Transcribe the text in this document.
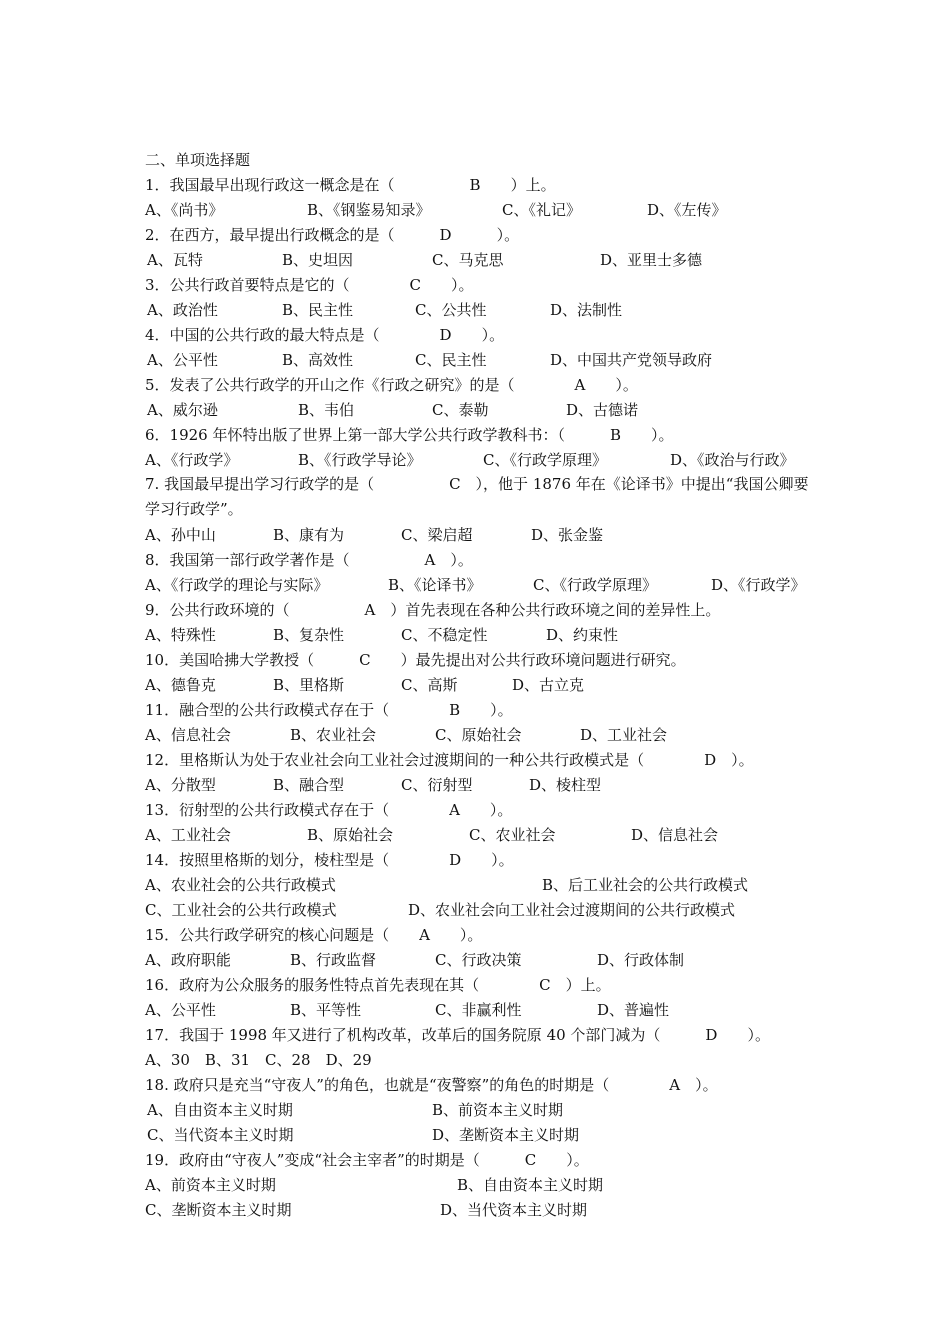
二、单项选择题
1．我国最早出现行政这一概念是在（　　　　　B　　）上。
A、《尚书》	B、《钢鉴易知录》	C、《礼记》	D、《左传》
2．在西方，最早提出行政概念的是（　　　D　　　）。
A、瓦特	B、史坦因	C、马克思	D、亚里士多德
3．公共行政首要特点是它的（　　　　C　　）。
A、政治性	B、民主性	C、公共性	D、法制性
4．中国的公共行政的最大特点是（　　　　D　　）。
A、公平性	B、高效性	C、民主性	D、中国共产党领导政府
5．发表了公共行政学的开山之作《行政之研究》的是（　　　　A　　）。
A、威尔逊	B、韦伯	C、泰勒	D、古德诺
6．1926 年怀特出版了世界上第一部大学公共行政学教科书：（　　　B　　）。
A、《行政学》	B、《行政学导论》	C、《行政学原理》	D、《政治与行政》
7. 我国最早提出学习行政学的是（　　　　　C　），他于 1876 年在《论译书》中提出“我国公卿要学习行政学”。
A、孙中山	B、康有为	C、梁启超	D、张金鉴
8．我国第一部行政学著作是（　　　　　A　）。
A、《行政学的理论与实际》	B、《论译书》	C、《行政学原理》	D、《行政学》
9．公共行政环境的（　　　　　A　）首先表现在各种公共行政环境之间的差异性上。
A、特殊性	B、复杂性	C、不稳定性	D、约束性
10．美国哈拂大学教授（　　　C　　）最先提出对公共行政环境问题进行研究。
A、德鲁克	B、里格斯	C、高斯	D、古立克
11．融合型的公共行政模式存在于（　　　　B　　）。
A、信息社会	B、农业社会	C、原始社会	D、工业社会
12．里格斯认为处于农业社会向工业社会过渡期间的一种公共行政模式是（　　　　D　）。
A、分散型	B、融合型	C、衍射型	D、棱柱型
13．衍射型的公共行政模式存在于（　　　　A　　）。
A、工业社会	B、原始社会	C、农业社会	D、信息社会
14．按照里格斯的划分，棱柱型是（　　　　D　　）。
A、农业社会的公共行政模式	B、后工业社会的公共行政模式
C、工业社会的公共行政模式	D、农业社会向工业社会过渡期间的公共行政模式
15．公共行政学研究的核心问题是（　　A　　）。
A、政府职能	B、行政监督	C、行政决策	D、行政体制
16．政府为公众服务的服务性特点首先表现在其（　　　　C　）上。
A、公平性	B、平等性	C、非赢利性	D、普遍性
17．我国于 1998 年又进行了机构改革，改革后的国务院原 40 个部门减为（　　　D　　）。
A、30　B、31　C、28　D、29
18. 政府只是充当“守夜人”的角色，也就是“夜警察”的角色的时期是（　　　　A　）。
A、自由资本主义时期	B、前资本主义时期
C、当代资本主义时期	D、垄断资本主义时期
19．政府由“守夜人”变成“社会主宰者”的时期是（　　　C　　）。
A、前资本主义时期	B、自由资本主义时期
C、垄断资本主义时期	D、当代资本主义时期
